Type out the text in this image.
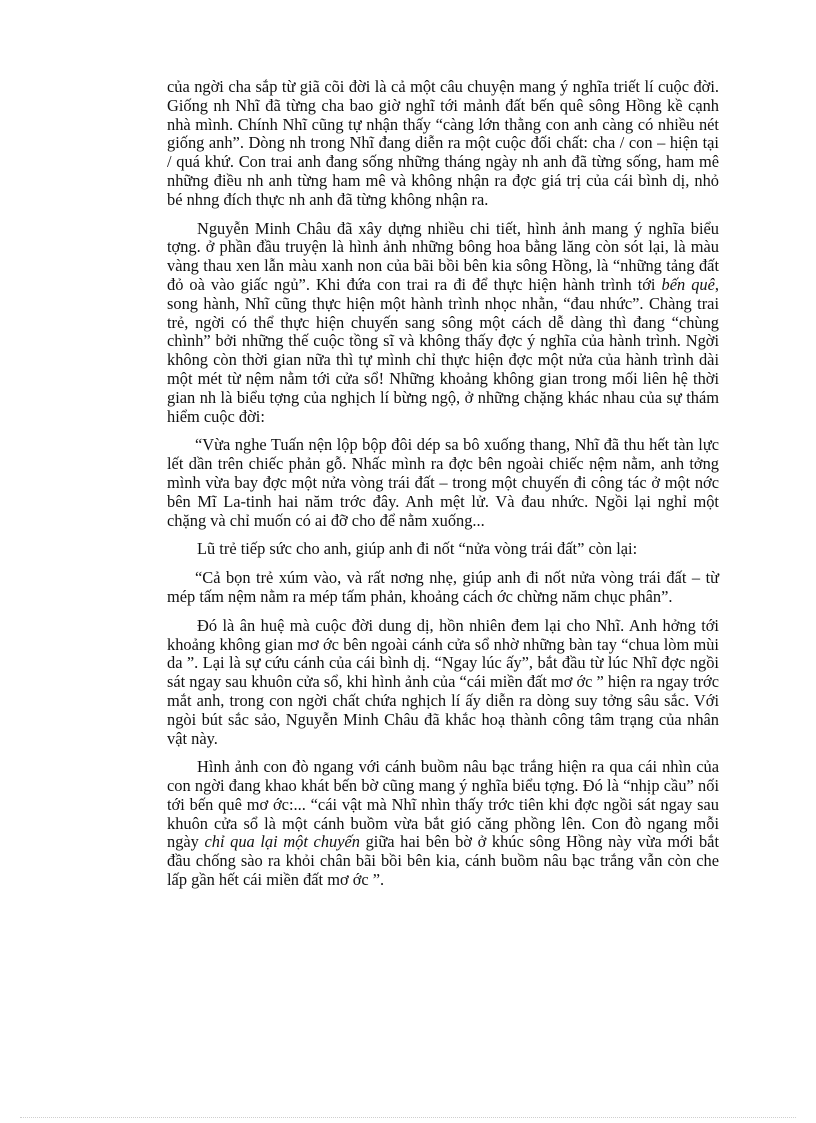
của ngời cha sắp từ giã cõi đời là cả một câu chuyện mang ý nghĩa triết lí cuộc đời. Giống nh Nhĩ đã từng cha bao giờ nghĩ tới mảnh đất bến quê sông Hồng kề cạnh nhà mình. Chính Nhĩ cũng tự nhận thấy “càng lớn thằng con anh càng có nhiều nét giống anh”. Dòng nh trong Nhĩ đang diễn ra một cuộc đối chất: cha / con – hiện tại / quá khứ. Con trai anh đang sống những tháng ngày nh anh đã từng sống, ham mê những điều nh anh từng ham mê và không nhận ra đợc giá trị của cái bình dị, nhỏ bé nhng đích thực nh anh đã từng không nhận ra.

Nguyễn Minh Châu đã xây dựng nhiều chi tiết, hình ảnh mang ý nghĩa biểu tợng. ở phần đầu truyện là hình ảnh những bông hoa bằng lăng còn sót lại, là màu vàng thau xen lẫn màu xanh non của bãi bồi bên kia sông Hồng, là “những tảng đất đỏ oà vào giấc ngủ”. Khi đứa con trai ra đi để thực hiện hành trình tới bến quê, song hành, Nhĩ cũng thực hiện một hành trình nhọc nhằn, “đau nhức”. Chàng trai trẻ, ngời có thể thực hiện chuyến sang sông một cách dễ dàng thì đang “chùng chình” bởi những thế cuộc tồng sĩ và không thấy đợc ý nghĩa của hành trình. Ngời không còn thời gian nữa thì tự mình chỉ thực hiện đợc một nửa của hành trình dài một mét từ nệm nằm tới cửa sổ! Những khoảng không gian trong mối liên hệ thời gian nh là biểu tợng của nghịch lí bừng ngộ, ở những chặng khác nhau của sự thám hiểm cuộc đời:

“Vừa nghe Tuấn nện lộp bộp đôi dép sa bô xuống thang, Nhĩ đã thu hết tàn lực lết dần trên chiếc phản gỗ. Nhấc mình ra đợc bên ngoài chiếc nệm nằm, anh tởng mình vừa bay đợc một nửa vòng trái đất – trong một chuyến đi công tác ở một nớc bên Mĩ La-tinh hai năm trớc đây. Anh mệt lử. Và đau nhức. Ngồi lại nghỉ một chặng và chỉ muốn có ai đỡ cho để nằm xuống...

Lũ trẻ tiếp sức cho anh, giúp anh đi nốt “nửa vòng trái đất” còn lại:

“Cả bọn trẻ xúm vào, và rất nơng nhẹ, giúp anh đi nốt nửa vòng trái đất – từ mép tấm nệm nằm ra mép tấm phản, khoảng cách ớc chừng năm chục phân”.

Đó là ân huệ mà cuộc đời dung dị, hồn nhiên đem lại cho Nhĩ. Anh hởng tới khoảng không gian mơ ớc bên ngoài cánh cửa sổ nhờ những bàn tay “chua lòm mùi da ”. Lại là sự cứu cánh của cái bình dị. “Ngay lúc ấy”, bắt đầu từ lúc Nhĩ đợc ngồi sát ngay sau khuôn cửa sổ, khi hình ảnh của “cái miền đất mơ ớc ” hiện ra ngay trớc mắt anh, trong con ngời chất chứa nghịch lí ấy diễn ra dòng suy tởng sâu sắc. Với ngòi bút sắc sảo, Nguyễn Minh Châu đã khắc hoạ thành công tâm trạng của nhân vật này.

Hình ảnh con đò ngang với cánh buồm nâu bạc trắng hiện ra qua cái nhìn của con ngời đang khao khát bến bờ cũng mang ý nghĩa biểu tợng. Đó là “nhịp cầu” nối tới bến quê mơ ớc:... “cái vật mà Nhĩ nhìn thấy trớc tiên khi đợc ngồi sát ngay sau khuôn cửa sổ là một cánh buồm vừa bắt gió căng phồng lên. Con đò ngang mỗi ngày chỉ qua lại một chuyến giữa hai bên bờ ở khúc sông Hồng này vừa mới bắt đầu chống sào ra khỏi chân bãi bồi bên kia, cánh buồm nâu bạc trắng vẫn còn che lấp gần hết cái miền đất mơ ớc ”.
